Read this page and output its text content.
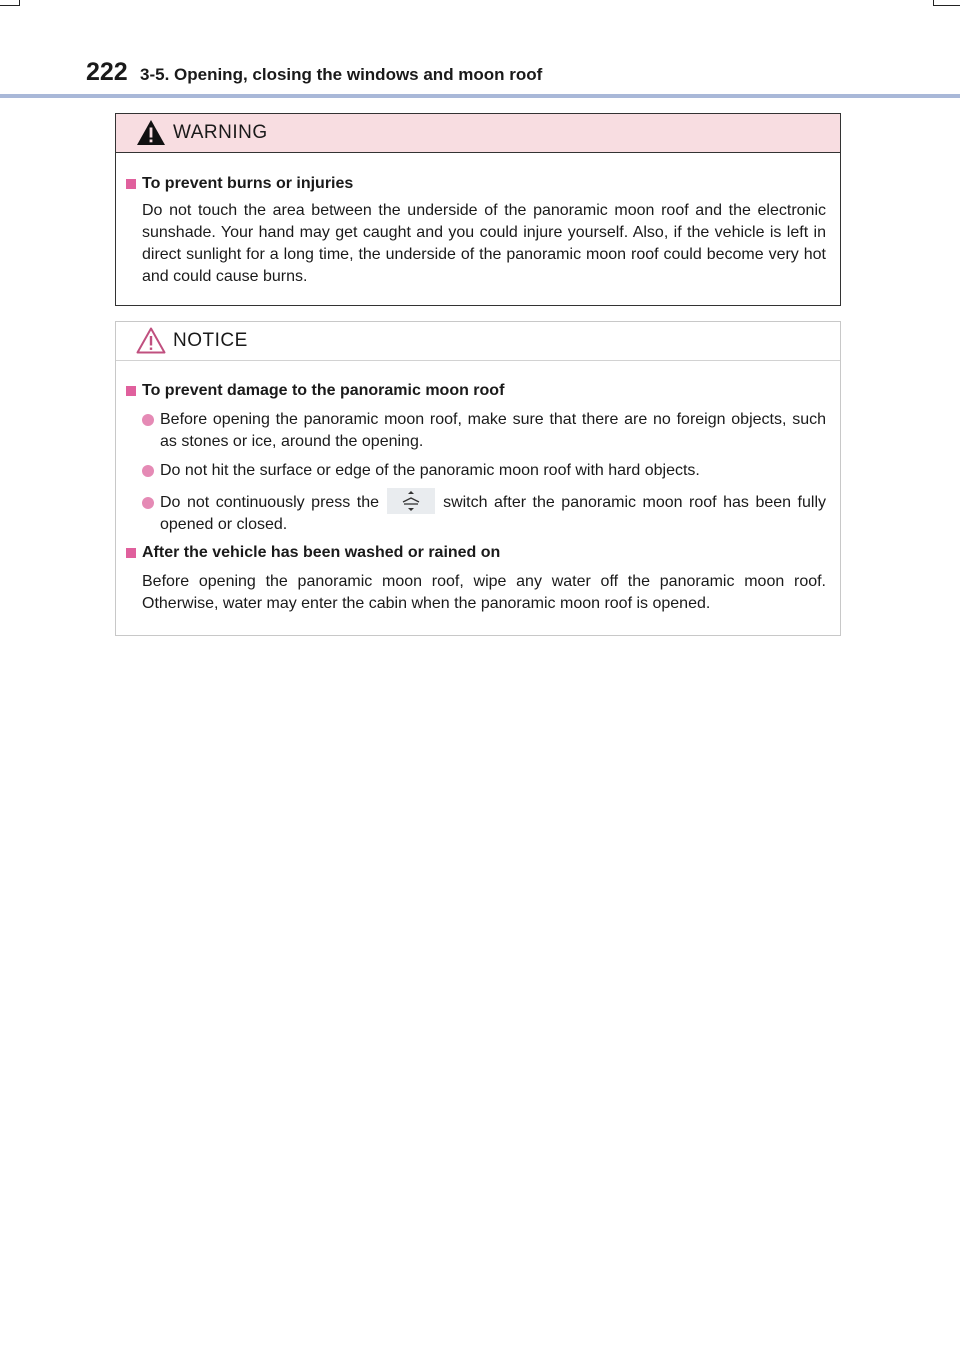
222 3-5. Opening, closing the windows and moon roof
WARNING
To prevent burns or injuries
Do not touch the area between the underside of the panoramic moon roof and the electronic sunshade. Your hand may get caught and you could injure yourself. Also, if the vehicle is left in direct sunlight for a long time, the underside of the panoramic moon roof could become very hot and could cause burns.
NOTICE
To prevent damage to the panoramic moon roof
Before opening the panoramic moon roof, make sure that there are no foreign objects, such as stones or ice, around the opening.
Do not hit the surface or edge of the panoramic moon roof with hard objects.
Do not continuously press the	switch after the panoramic moon roof has been fully opened or closed.
After the vehicle has been washed or rained on
Before opening the panoramic moon roof, wipe any water off the panoramic moon roof. Otherwise, water may enter the cabin when the panoramic moon roof is opened.
